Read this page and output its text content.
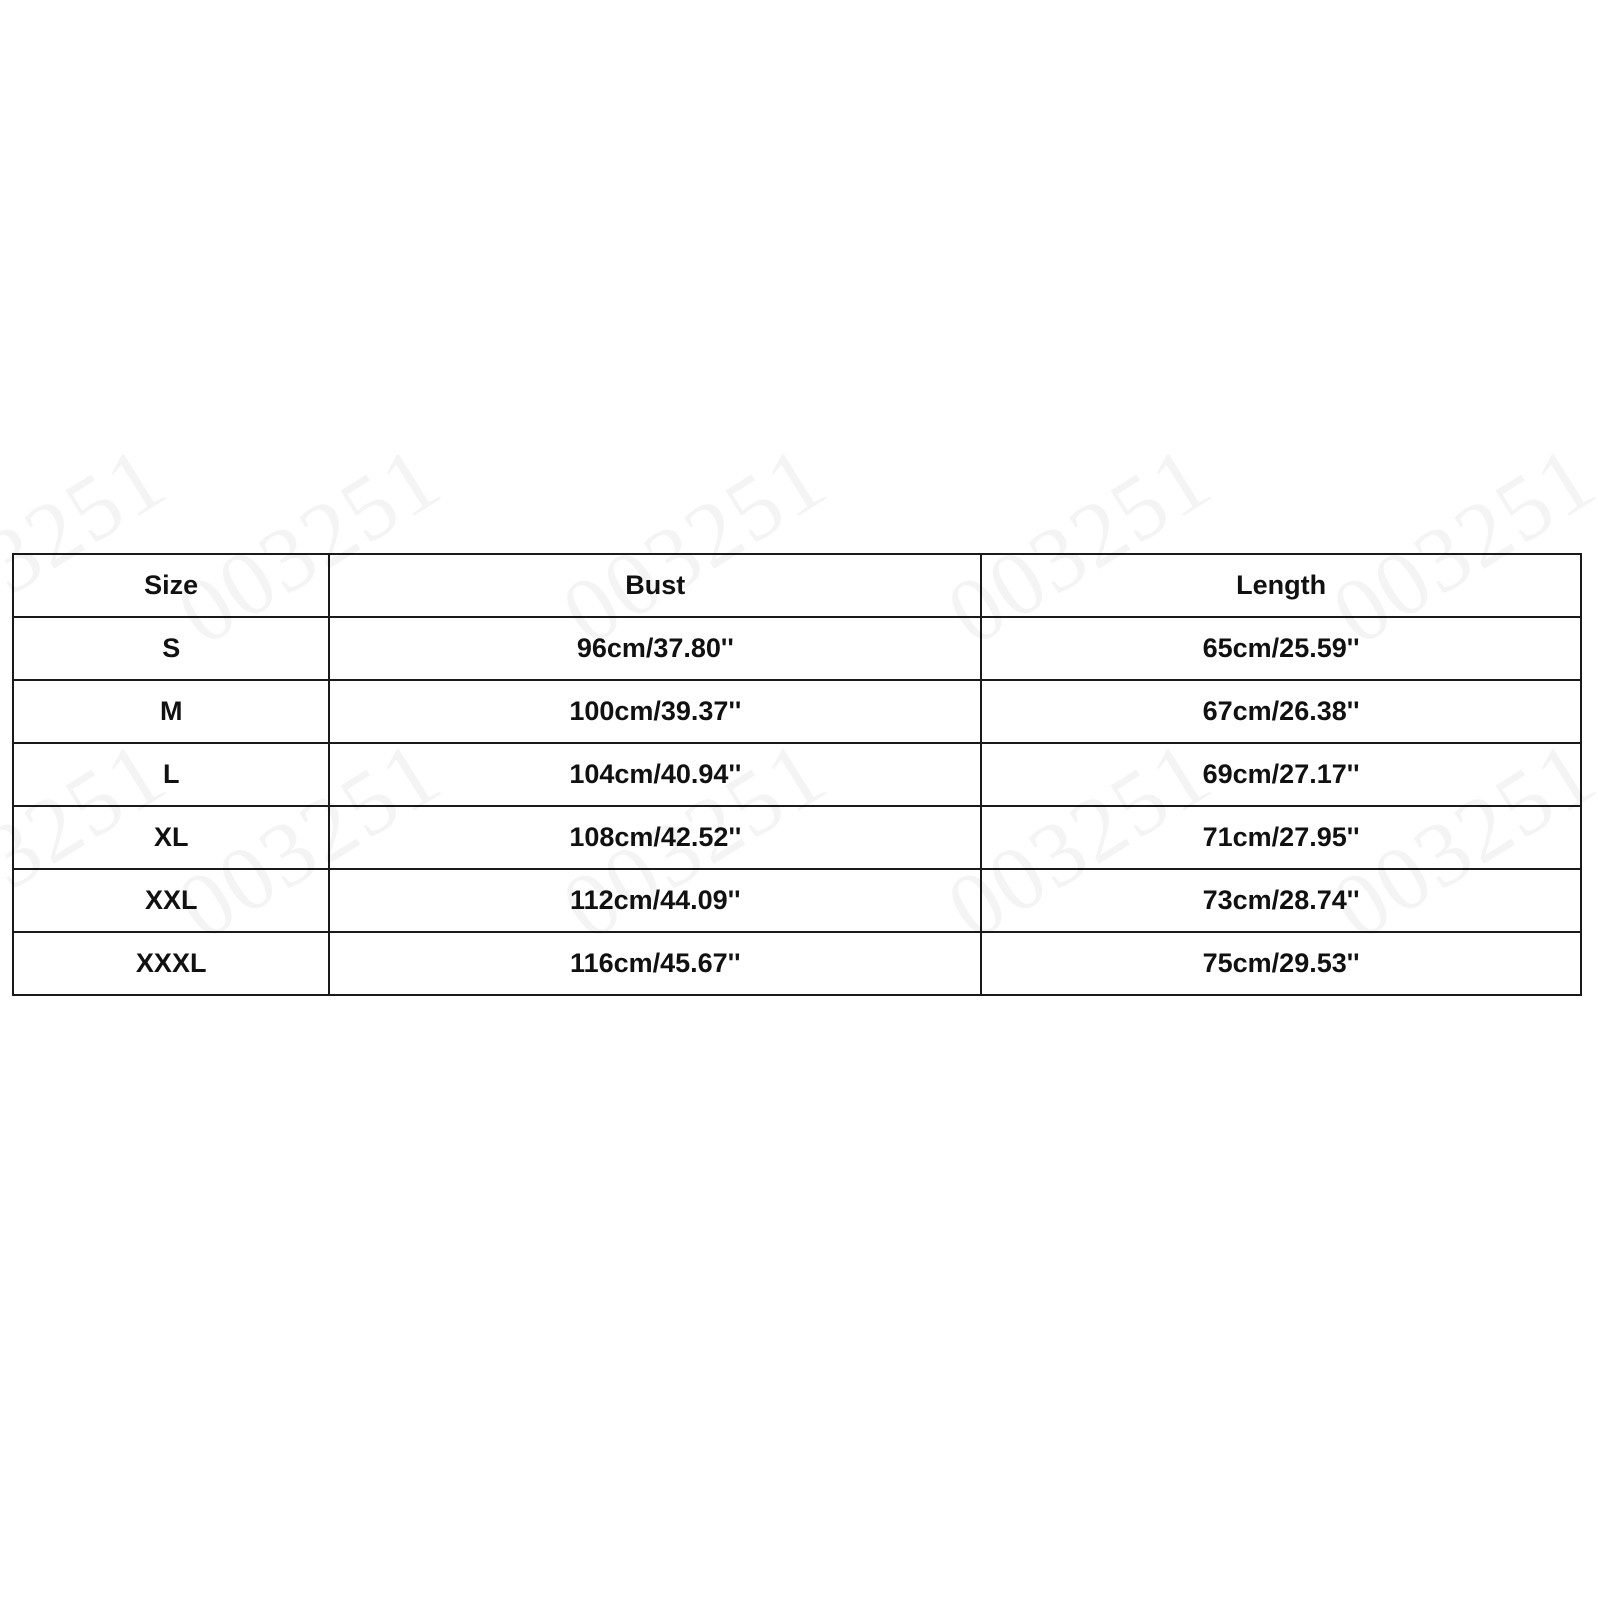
Size	Bust	Length
S	96cm/37.80''	65cm/25.59''
M	100cm/39.37''	67cm/26.38''
L	104cm/40.94''	69cm/27.17''
XL	108cm/42.52''	71cm/27.95''
XXL	112cm/44.09''	73cm/28.74''
XXXL	116cm/45.67''	75cm/29.53''
